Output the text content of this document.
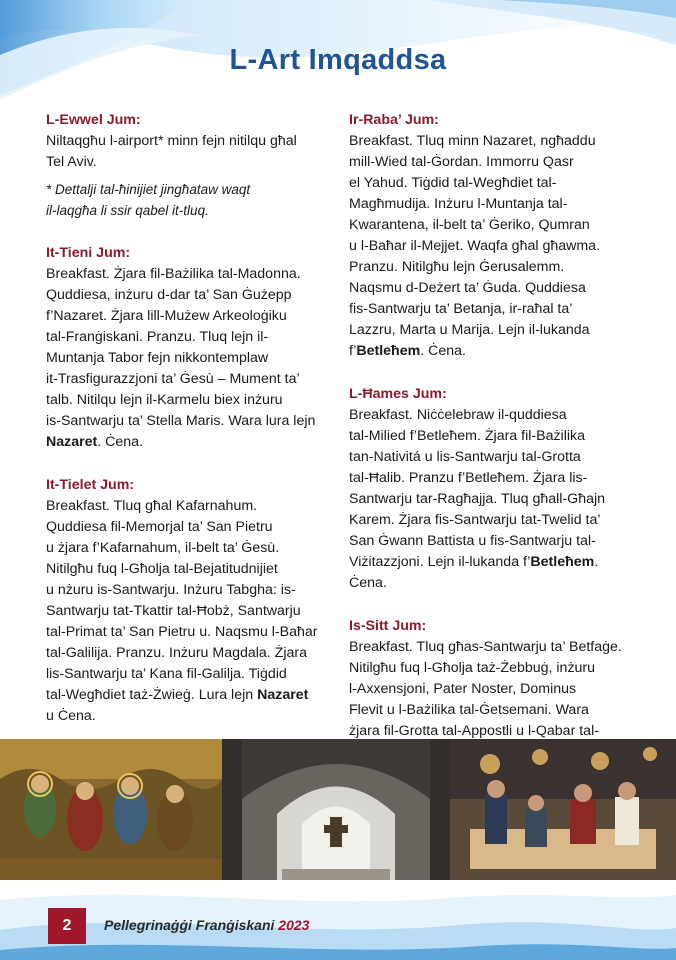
L-Art Imqaddsa
L-Ewwel Jum:
Niltaqgħu l-airport* minn fejn nitilqu għal
Tel Aviv.
* Dettalji tal-ħinijiet jingħataw waqt
il-laqgħa li ssir qabel it-tluq.
It-Tieni Jum:
Breakfast. Żjara fil-Bażilika tal-Madonna.
Quddiesa, inżuru d-dar ta’ San Ġużepp
f’Nazaret. Żjara lill-Mużew Arkeoloġiku
tal-Franġiskani. Pranzu. Tluq lejn il-
Muntanja Tabor fejn nikkontemplaw
it-Trasfigurazzjoni ta’ Ġesù – Mument ta’
talb. Nitilqu lejn il-Karmelu biex inżuru
is-Santwarju ta’ Stella Maris. Wara lura lejn
Nazaret. Ċena.
It-Tielet Jum:
Breakfast. Tluq għal Kafarnahum.
Quddiesa fil-Memorjal ta’ San Pietru
u żjara f’Kafarnahum, il-belt ta’ Ġesù.
Nitilgħu fuq l-Għolja tal-Bejatitudnijiet
u nżuru is-Santwarju. Inżuru Tabgha: is-
Santwarju tat-Tkattir tal-Ħobż, Santwarju
tal-Primat ta’ San Pietru u. Naqsmu l-Baħar
tal-Galilija. Pranzu. Inżuru Magdala. Żjara
lis-Santwarju ta’ Kana fil-Galilja. Tiġdid
tal-Wegħdiet taż-Żwieġ. Lura lejn Nazaret
u Ċena.
Ir-Raba’ Jum:
Breakfast. Tluq minn Nazaret, ngħaddu
mill-Wied tal-Ġordan. Immorru Qasr
el Yahud. Tiġdid tal-Wegħdiet tal-
Magħmudija. Inżuru l-Muntanja tal-
Kwarantena, il-belt ta’ Ġeriko, Qumran
u l-Baħar il-Mejjet. Waqfa għal għawma.
Pranzu. Nitilgħu lejn Ġerusalemm.
Naqsmu d-Deżert ta’ Ġuda. Quddiesa
fis-Santwarju ta’ Betanja, ir-raħal ta’
Lazzru, Marta u Marija. Lejn il-lukanda
f’Betleħem. Ċena.
L-Ħames Jum:
Breakfast. Niċċelebraw il-quddiesa
tal-Milied f’Betleħem. Żjara fil-Bażilika
tan-Nativitá u lis-Santwarju tal-Grotta
tal-Ħalib. Pranzu f’Betleħem. Żjara lis-
Santwarju tar-Ragħajja. Tluq għall-Għajn
Karem. Żjara fis-Santwarju tat-Twelid ta’
San Ġwann Battista u fis-Santwarju tal-
Viżitazzjoni. Lejn il-lukanda f’Betleħem.
Ċena.
Is-Sitt Jum:
Breakfast. Tluq għas-Santwarju ta’ Betfaġe.
Nitilgħu fuq l-Għolja taż-Żebbuġ, inżuru
l-Axxensjoni, Pater Noster, Dominus
Flevit u l-Bażilika tal-Ġetsemani. Wara
żjara fil-Grotta tal-Appostli u l-Qabar tal-

2	Pellegrinaġġi Franġiskani 2023
